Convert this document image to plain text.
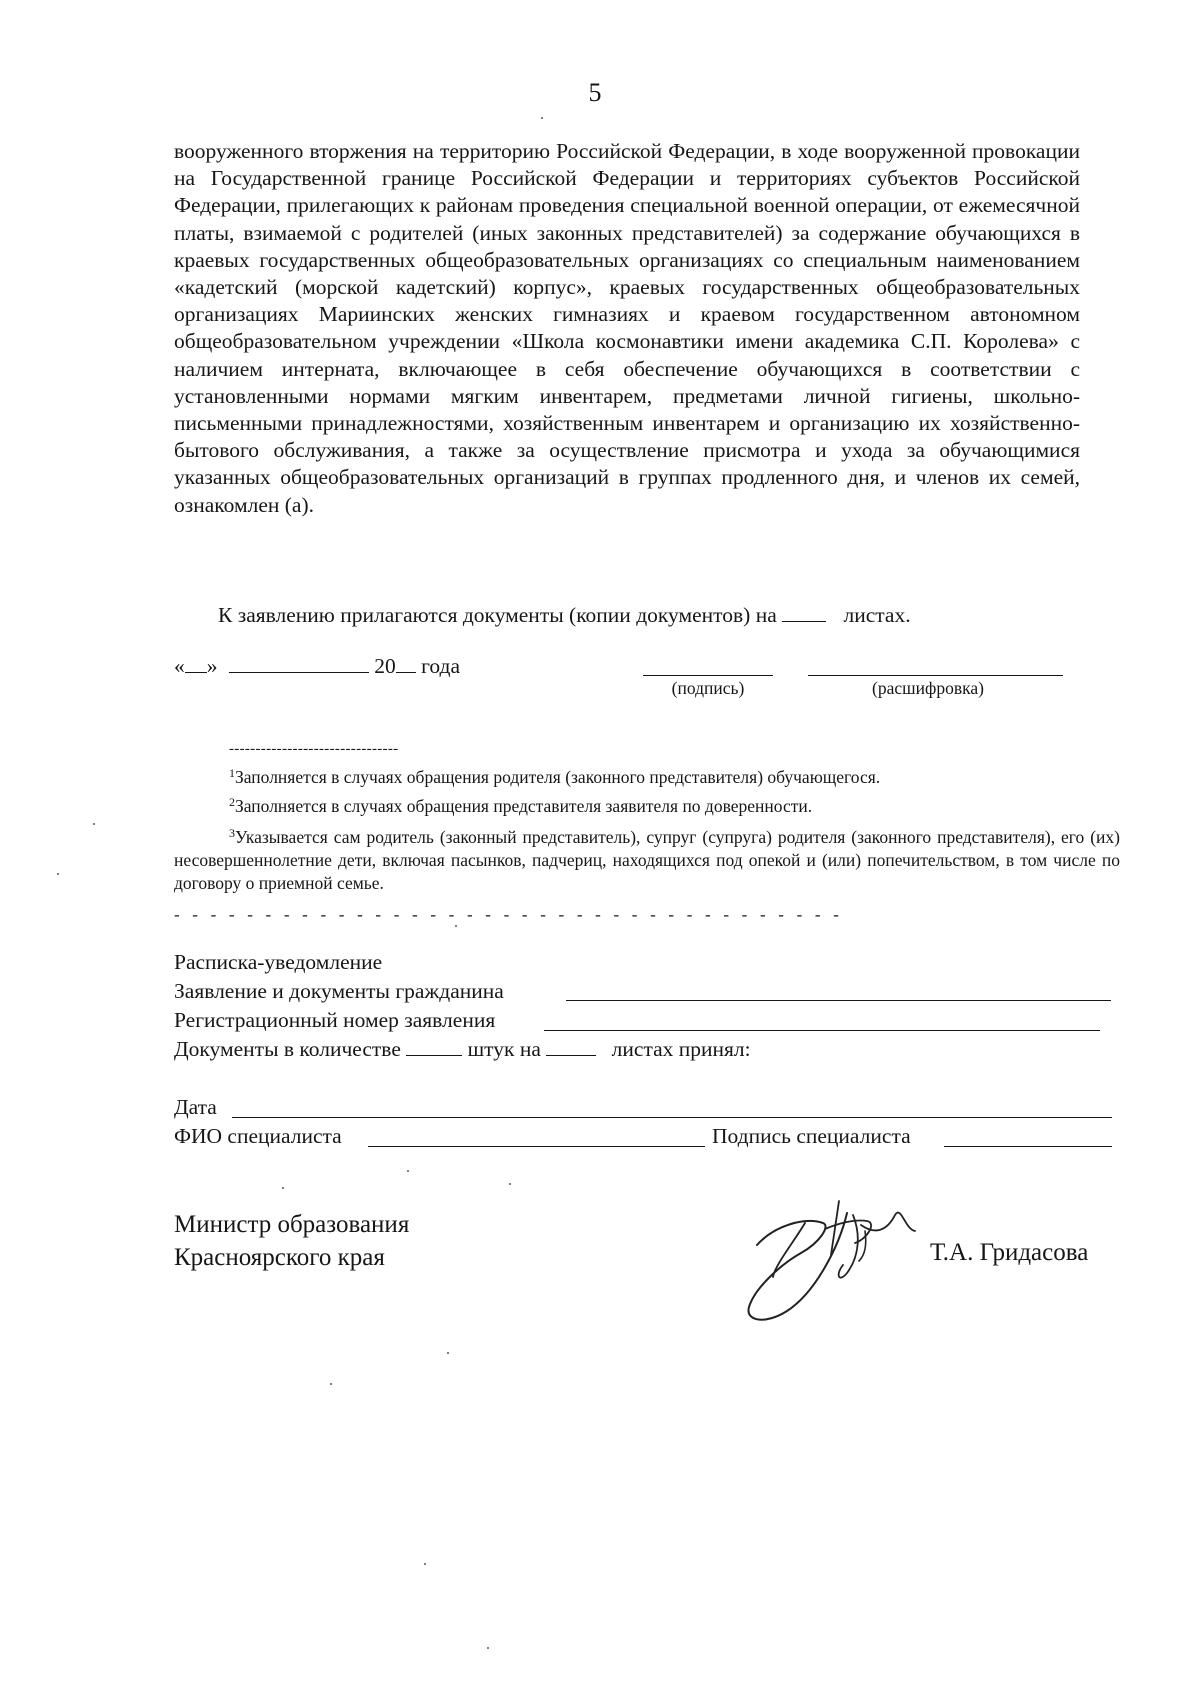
5
вооруженного вторжения на территорию Российской Федерации, в ходе вооруженной провокации на Государственной границе Российской Федерации и территориях субъектов Российской Федерации, прилегающих к районам проведения специальной военной операции, от ежемесячной платы, взимаемой с родителей (иных законных представителей) за содержание обучающихся в краевых государственных общеобразовательных организациях со специальным наименованием «кадетский (морской кадетский) корпус», краевых государственных общеобразовательных организациях Мариинских женских гимназиях и краевом государственном автономном общеобразовательном учреждении «Школа космонавтики имени академика С.П. Королева» с наличием интерната, включающее в себя обеспечение обучающихся в соответствии с установленными нормами мягким инвентарем, предметами личной гигиены, школьно-письменными принадлежностями, хозяйственным инвентарем и организацию их хозяйственно-бытового обслуживания, а также за осуществление присмотра и ухода за обучающимися указанных общеобразовательных организаций в группах продленного дня, и членов их семей, ознакомлен (а).
К заявлению прилагаются документы (копии документов) на	листах.
« »	20 года
(подпись)	(расшифровка)
--------------------------------
$^1$Заполняется в случаях обращения родителя (законного представителя) обучающегося.
$^2$Заполняется в случаях обращения представителя заявителя по доверенности.
$^3$Указывается сам родитель (законный представитель), супруг (супруга) родителя (законного представителя), его (их) несовершеннолетние дети, включая пасынков, падчериц, находящихся под опекой и (или) попечительством, в том числе по договору о приемной семье.
- - - - - - - - - - - - - - - - - - - - - - - - - - - - - - - - - - - - -
Расписка-уведомление
Заявление и документы гражданина
Регистрационный номер заявления
Документы в количестве	штук на	листах принял:
Дата
ФИО специалиста	Подпись специалиста
Министр образования
Красноярского края	Т.А. Гридасова
